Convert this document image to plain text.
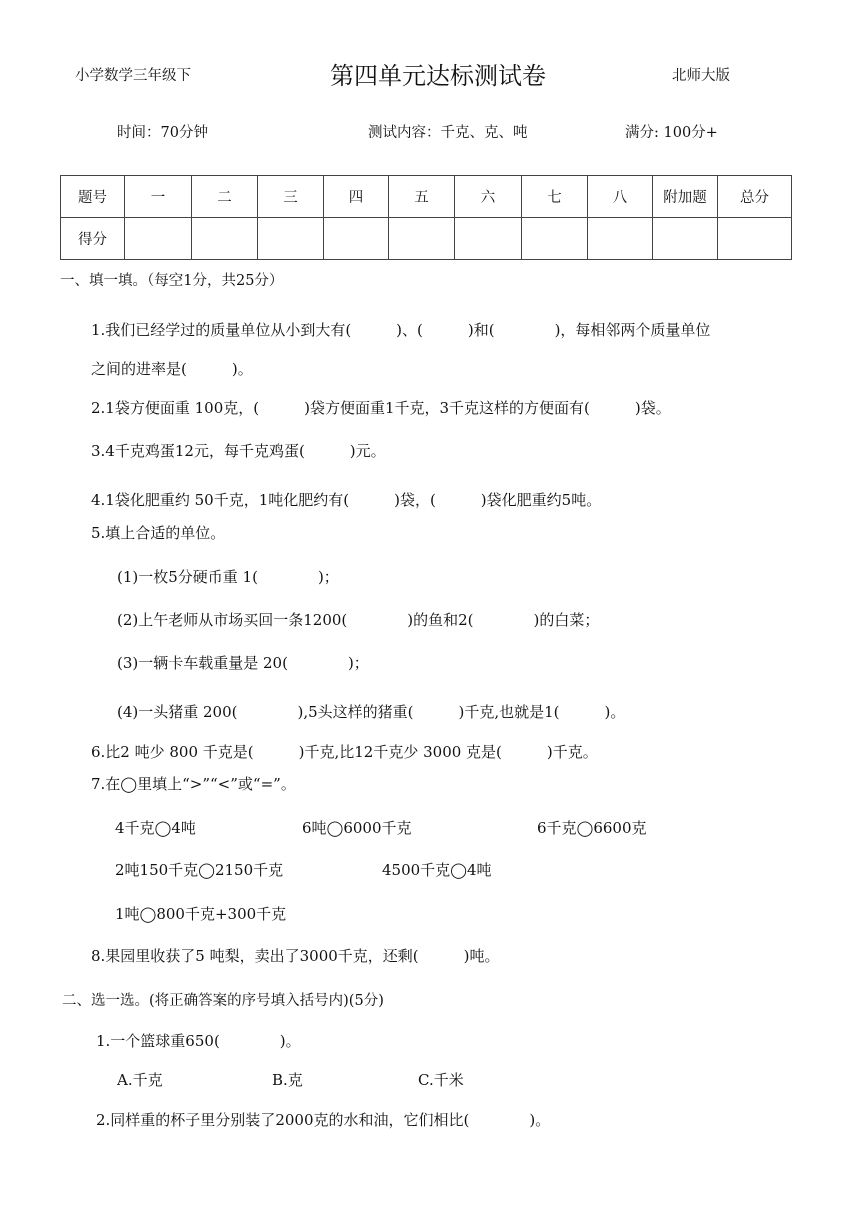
小学数学三年级下	第四单元达标测试卷	北师大版
时间：70分钟	测试内容：千克、克、吨	满分: 100分+
题号	一	二	三	四	五	六	七	八	附加题	总分
得分										
一、填一填。（每空1分，共25分）
1.我们已经学过的质量单位从小到大有(　　　)、(　　　)和(　　　　)，每相邻两个质量单位
之间的进率是(　　　)。
2.1袋方便面重 100克，(　　　)袋方便面重1千克，3千克这样的方便面有(　　　)袋。
3.4千克鸡蛋12元，每千克鸡蛋(　　　)元。
4.1袋化肥重约 50千克，1吨化肥约有(　　　)袋，(　　　)袋化肥重约5吨。
5.填上合适的单位。
(1)一枚5分硬币重 1(　　　　)；
(2)上午老师从市场买回一条1200(　　　　)的鱼和2(　　　　)的白菜；
(3)一辆卡车载重量是 20(　　　　)；
(4)一头猪重 200(　　　　),5头这样的猪重(　　　)千克,也就是1(　　　)。
6.比2 吨少 800 千克是(　　　)千克,比12千克少 3000 克是(　　　)千克。
7.在◯里填上“>”“<”或“=”。
4千克◯4吨	6吨◯6000千克	6千克◯6600克
2吨150千克◯2150千克	4500千克◯4吨
1吨◯800千克+300千克
8.果园里收获了5 吨梨，卖出了3000千克，还剩(　　　)吨。
二、选一选。(将正确答案的序号填入括号内)(5分)
1.一个篮球重650(　　　　)。
A.千克	B.克	C.千米
2.同样重的杯子里分别装了2000克的水和油，它们相比(　　　　)。
